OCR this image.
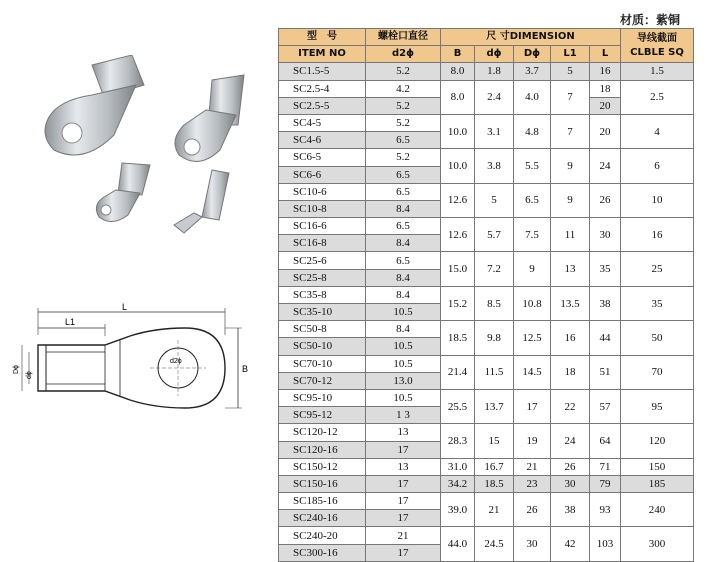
材质：紫铜
L
L1
d2ϕ
Dϕ
dϕ
B
型　号	螺栓口直径	尺 寸DIMENSION					导线截面
CLBLE SQ

ITEM NO	d2ϕ	B	dϕ	Dϕ	L1	L	
SC1.5-5	5.2	8.0	1.8	3.7	5	16	1.5
SC2.5-4	4.2	8.0	2.4	4.0	7	18	2.5
SC2.5-5	5.2					20	
SC4-5	5.2	10.0	3.1	4.8	7	20	4
SC4-6	6.5						
SC6-5	5.2	10.0	3.8	5.5	9	24	6
SC6-6	6.5						
SC10-6	6.5	12.6	5	6.5	9	26	10
SC10-8	8.4						
SC16-6	6.5	12.6	5.7	7.5	11	30	16
SC16-8	8.4						
SC25-6	6.5	15.0	7.2	9	13	35	25
SC25-8	8.4						
SC35-8	8.4	15.2	8.5	10.8	13.5	38	35
SC35-10	10.5						
SC50-8	8.4	18.5	9.8	12.5	16	44	50
SC50-10	10.5						
SC70-10	10.5	21.4	11.5	14.5	18	51	70
SC70-12	13.0						
SC95-10	10.5	25.5	13.7	17	22	57	95
SC95-12	1 3						
SC120-12	13	28.3	15	19	24	64	120
SC120-16	17						
SC150-12	13	31.0	16.7	21	26	71	150
SC150-16	17	34.2	18.5	23	30	79	185
SC185-16	17	39.0	21	26	38	93	240
SC240-16	17						
SC240-20	21	44.0	24.5	30	42	103	300
SC300-16	17						
